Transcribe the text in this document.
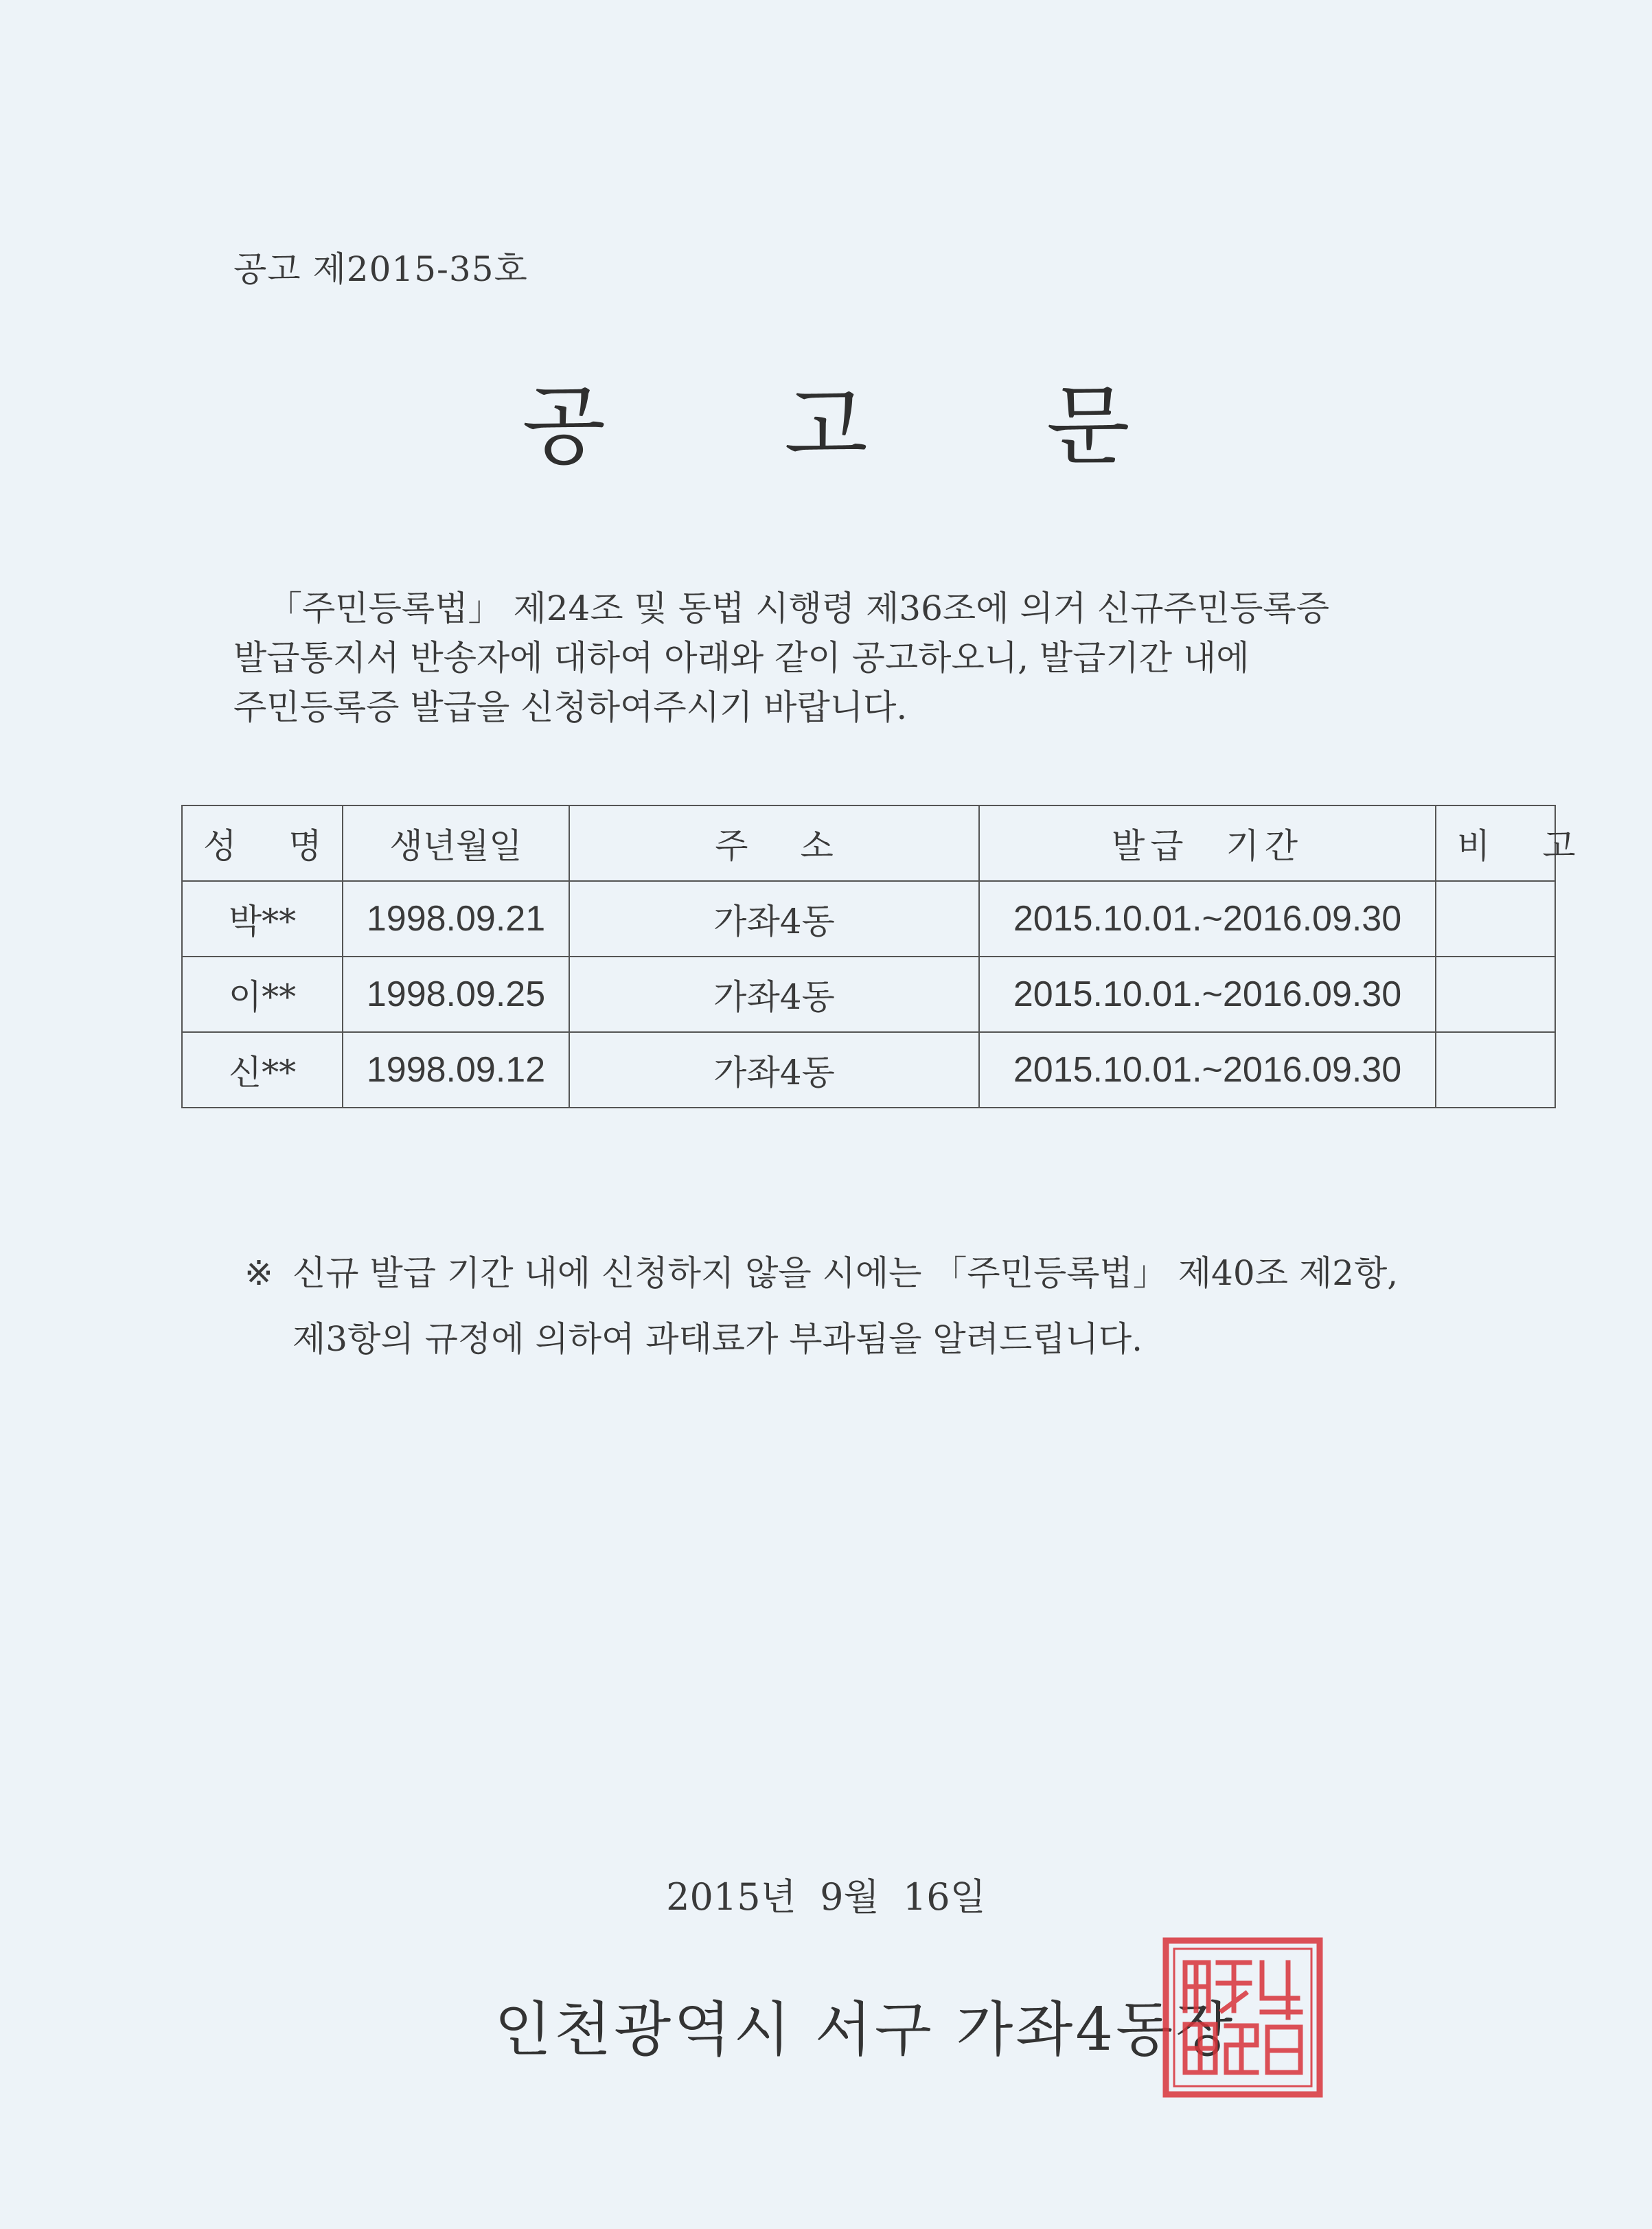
공고 제2015-35호
공 고 문

「주민등록법」 제24조 및 동법 시행령 제36조에 의거 신규주민등록증

발급통지서 반송자에 대하여 아래와 같이 공고하오니, 발급기간 내에

주민등록증 발급을 신청하여주시기 바랍니다.

성 명	생년월일	주 소	발급 기간	비 고
박**	1998.09.21	가좌4동	2015.10.01.~2016.09.30	
이**	1998.09.25	가좌4동	2015.10.01.~2016.09.30	
신**	1998.09.12	가좌4동	2015.10.01.~2016.09.30	

※ 신규 발급 기간 내에 신청하지 않을 시에는 「주민등록법」 제40조 제2항,

제3항의 규정에 의하여 과태료가 부과됨을 알려드립니다.

2015년  9월  16일
인천광역시 서구 가좌4동장
